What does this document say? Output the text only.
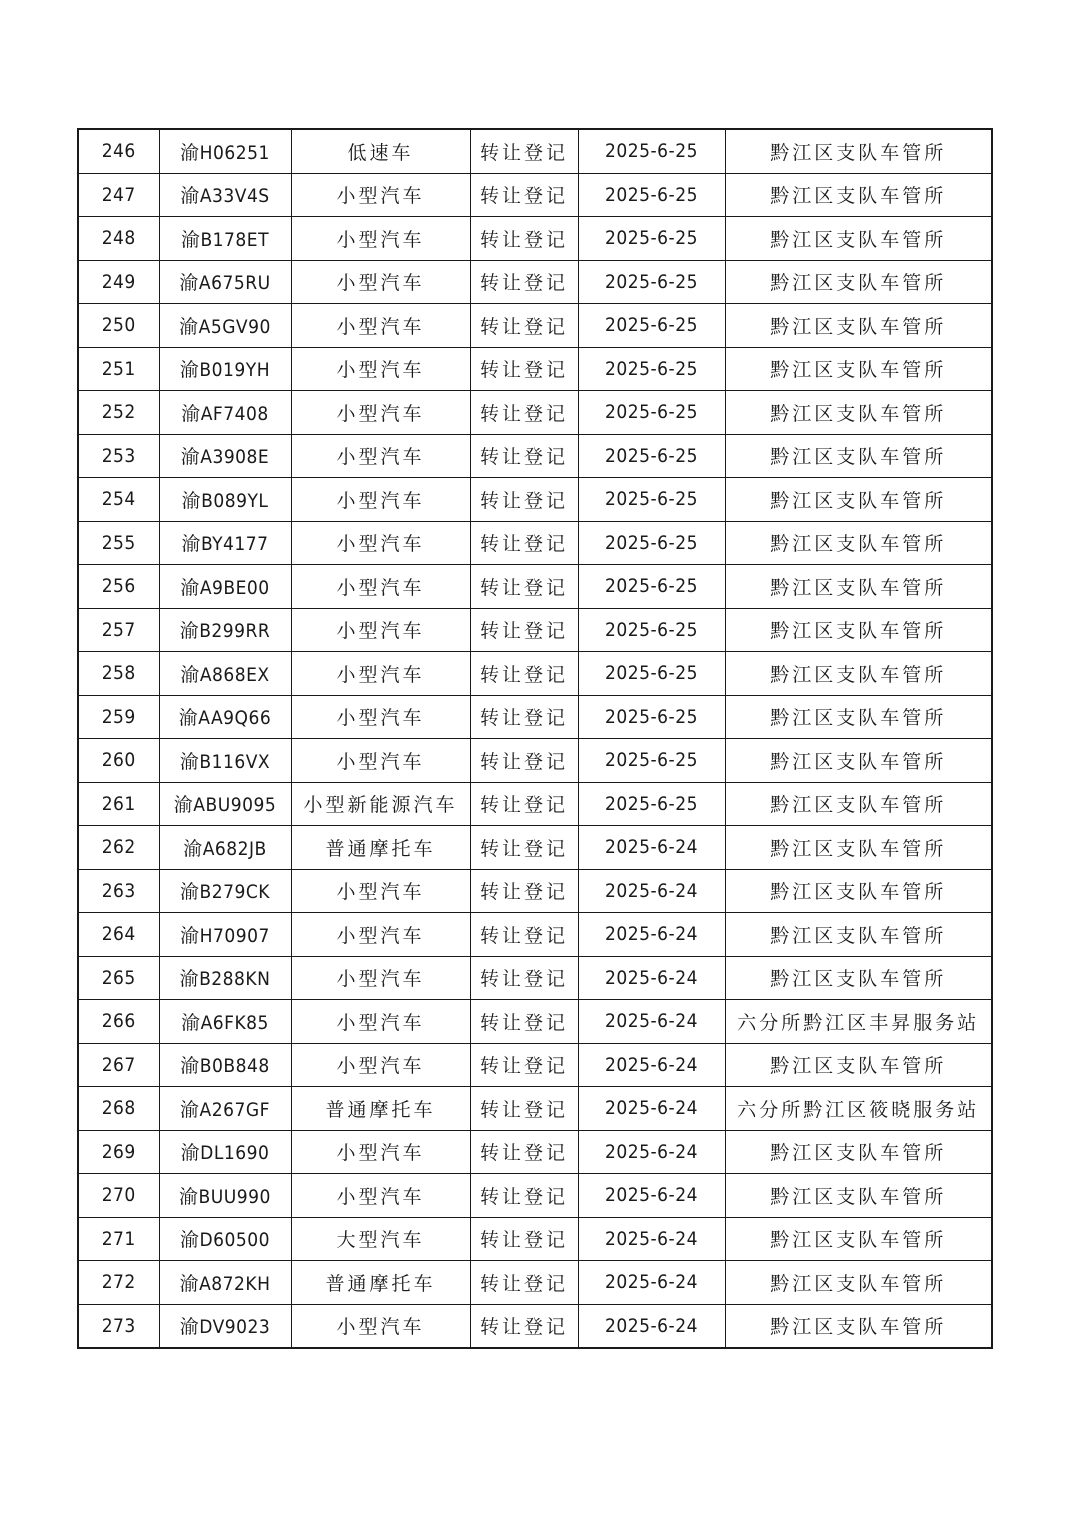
246	渝H06251	低速车	转让登记	2025-6-25	黔江区支队车管所
247	渝A33V4S	小型汽车	转让登记	2025-6-25	黔江区支队车管所
248	渝B178ET	小型汽车	转让登记	2025-6-25	黔江区支队车管所
249	渝A675RU	小型汽车	转让登记	2025-6-25	黔江区支队车管所
250	渝A5GV90	小型汽车	转让登记	2025-6-25	黔江区支队车管所
251	渝B019YH	小型汽车	转让登记	2025-6-25	黔江区支队车管所
252	渝AF7408	小型汽车	转让登记	2025-6-25	黔江区支队车管所
253	渝A3908E	小型汽车	转让登记	2025-6-25	黔江区支队车管所
254	渝B089YL	小型汽车	转让登记	2025-6-25	黔江区支队车管所
255	渝BY4177	小型汽车	转让登记	2025-6-25	黔江区支队车管所
256	渝A9BE00	小型汽车	转让登记	2025-6-25	黔江区支队车管所
257	渝B299RR	小型汽车	转让登记	2025-6-25	黔江区支队车管所
258	渝A868EX	小型汽车	转让登记	2025-6-25	黔江区支队车管所
259	渝AA9Q66	小型汽车	转让登记	2025-6-25	黔江区支队车管所
260	渝B116VX	小型汽车	转让登记	2025-6-25	黔江区支队车管所
261	渝ABU9095	小型新能源汽车	转让登记	2025-6-25	黔江区支队车管所
262	渝A682JB	普通摩托车	转让登记	2025-6-24	黔江区支队车管所
263	渝B279CK	小型汽车	转让登记	2025-6-24	黔江区支队车管所
264	渝H70907	小型汽车	转让登记	2025-6-24	黔江区支队车管所
265	渝B288KN	小型汽车	转让登记	2025-6-24	黔江区支队车管所
266	渝A6FK85	小型汽车	转让登记	2025-6-24	六分所黔江区丰昇服务站
267	渝B0B848	小型汽车	转让登记	2025-6-24	黔江区支队车管所
268	渝A267GF	普通摩托车	转让登记	2025-6-24	六分所黔江区筱晓服务站
269	渝DL1690	小型汽车	转让登记	2025-6-24	黔江区支队车管所
270	渝BUU990	小型汽车	转让登记	2025-6-24	黔江区支队车管所
271	渝D60500	大型汽车	转让登记	2025-6-24	黔江区支队车管所
272	渝A872KH	普通摩托车	转让登记	2025-6-24	黔江区支队车管所
273	渝DV9023	小型汽车	转让登记	2025-6-24	黔江区支队车管所
